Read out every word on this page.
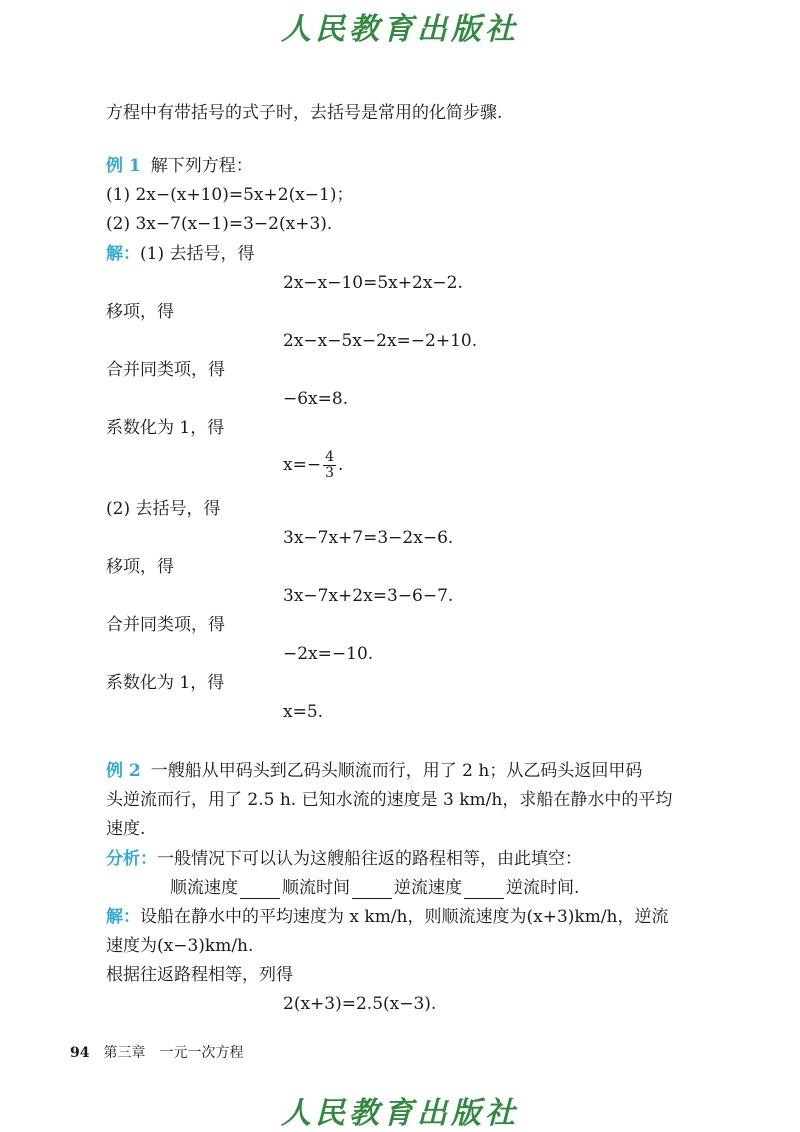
人民教育出版社
方程中有带括号的式子时，去括号是常用的化简步骤.
例 1 解下列方程：
(1) 2x−(x+10)=5x+2(x−1)；
(2) 3x−7(x−1)=3−2(x+3).
解：(1) 去括号，得
2x−x−10=5x+2x−2.
移项，得
2x−x−5x−2x=−2+10.
合并同类项，得
−6x=8.
系数化为 1，得
$x=- \frac{4}{3}$ .
(2) 去括号，得
3x−7x+7=3−2x−6.
移项，得
3x−7x+2x=3−6−7.
合并同类项，得
−2x=−10.
系数化为 1，得
x=5.
例 2 一艘船从甲码头到乙码头顺流而行，用了 2 h；从乙码头返回甲码
头逆流而行，用了 2.5 h. 已知水流的速度是 3 km/h，求船在静水中的平均
速度.
分析：一般情况下可以认为这艘船往返的路程相等，由此填空：
顺流速度	顺流时间	逆流速度	逆流时间.
解：设船在静水中的平均速度为 x km/h，则顺流速度为(x+3)km/h，逆流
速度为(x−3)km/h.
根据往返路程相等，列得
2(x+3)=2.5(x−3).
94 第三章　一元一次方程
人民教育出版社
